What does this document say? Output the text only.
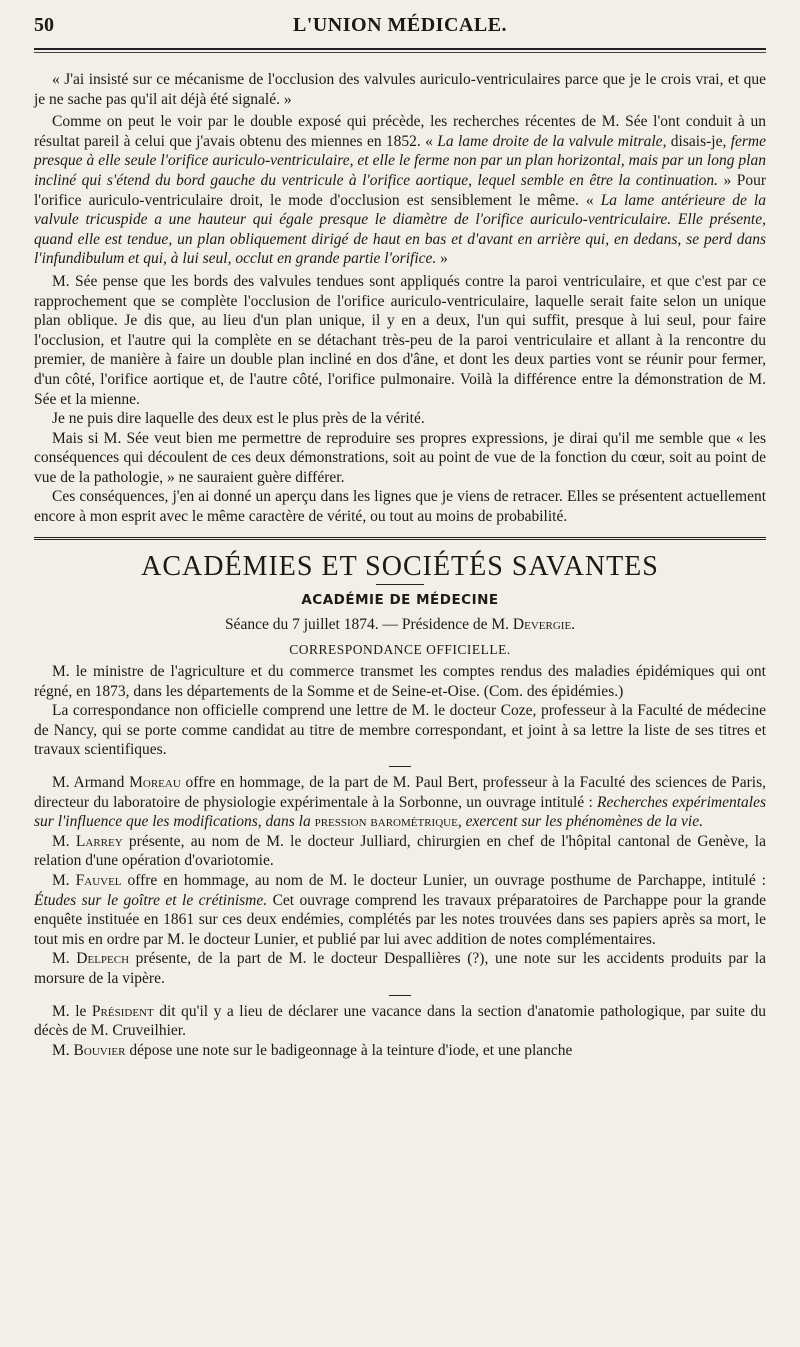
50	L'UNION MÉDICALE.

« J'ai insisté sur ce mécanisme de l'occlusion des valvules auriculo-ventriculaires parce que je le crois vrai, et que je ne sache pas qu'il ait déjà été signalé. »

Comme on peut le voir par le double exposé qui précède, les recherches récentes de M. Sée l'ont conduit à un résultat pareil à celui que j'avais obtenu des miennes en 1852. « La lame droite de la valvule mitrale, disais-je, ferme presque à elle seule l'orifice auriculo-ventriculaire, et elle le ferme non par un plan horizontal, mais par un long plan incliné qui s'étend du bord gauche du ventricule à l'orifice aortique, lequel semble en être la continuation. » Pour l'orifice auriculo-ventriculaire droit, le mode d'occlusion est sensiblement le même. « La lame antérieure de la valvule tricuspide a une hauteur qui égale presque le diamètre de l'orifice auriculo-ventriculaire. Elle présente, quand elle est tendue, un plan obliquement dirigé de haut en bas et d'avant en arrière qui, en dedans, se perd dans l'infundibulum et qui, à lui seul, occlut en grande partie l'orifice. »

M. Sée pense que les bords des valvules tendues sont appliqués contre la paroi ventriculaire, et que c'est par ce rapprochement que se complète l'occlusion de l'orifice auriculo-ventriculaire, laquelle serait faite selon un unique plan oblique. Je dis que, au lieu d'un plan unique, il y en a deux, l'un qui suffit, presque à lui seul, pour faire l'occlusion, et l'autre qui la complète en se détachant très-peu de la paroi ventriculaire et allant à la rencontre du premier, de manière à faire un double plan incliné en dos d'âne, et dont les deux parties vont se réunir pour fermer, d'un côté, l'orifice aortique et, de l'autre côté, l'orifice pulmonaire. Voilà la différence entre la démonstration de M. Sée et la mienne.

Je ne puis dire laquelle des deux est le plus près de la vérité.

Mais si M. Sée veut bien me permettre de reproduire ses propres expressions, je dirai qu'il me semble que « les conséquences qui découlent de ces deux démonstrations, soit au point de vue de la fonction du cœur, soit au point de vue de la pathologie, » ne sauraient guère différer.

Ces conséquences, j'en ai donné un aperçu dans les lignes que je viens de retracer. Elles se présentent actuellement encore à mon esprit avec le même caractère de vérité, ou tout au moins de probabilité.

ACADÉMIES ET SOCIÉTÉS SAVANTES
ACADÉMIE DE MÉDECINE
Séance du 7 juillet 1874. — Présidence de M. Devergie.
CORRESPONDANCE OFFICIELLE.

M. le ministre de l'agriculture et du commerce transmet les comptes rendus des maladies épidémiques qui ont régné, en 1873, dans les départements de la Somme et de Seine-et-Oise. (Com. des épidémies.)

La correspondance non officielle comprend une lettre de M. le docteur Coze, professeur à la Faculté de médecine de Nancy, qui se porte comme candidat au titre de membre correspondant, et joint à sa lettre la liste de ses titres et travaux scientifiques.

M. Armand Moreau offre en hommage, de la part de M. Paul Bert, professeur à la Faculté des sciences de Paris, directeur du laboratoire de physiologie expérimentale à la Sorbonne, un ouvrage intitulé : Recherches expérimentales sur l'influence que les modifications, dans la pression barométrique, exercent sur les phénomènes de la vie.

M. Larrey présente, au nom de M. le docteur Julliard, chirurgien en chef de l'hôpital cantonal de Genève, la relation d'une opération d'ovariotomie.

M. Fauvel offre en hommage, au nom de M. le docteur Lunier, un ouvrage posthume de Parchappe, intitulé : Études sur le goître et le crétinisme. Cet ouvrage comprend les travaux préparatoires de Parchappe pour la grande enquête instituée en 1861 sur ces deux endémies, complétés par les notes trouvées dans ses papiers après sa mort, le tout mis en ordre par M. le docteur Lunier, et publié par lui avec addition de notes complémentaires.

M. Delpech présente, de la part de M. le docteur Despallières (?), une note sur les accidents produits par la morsure de la vipère.

M. le Président dit qu'il y a lieu de déclarer une vacance dans la section d'anatomie pathologique, par suite du décès de M. Cruveilhier.

M. Bouvier dépose une note sur le badigeonnage à la teinture d'iode, et une planche
